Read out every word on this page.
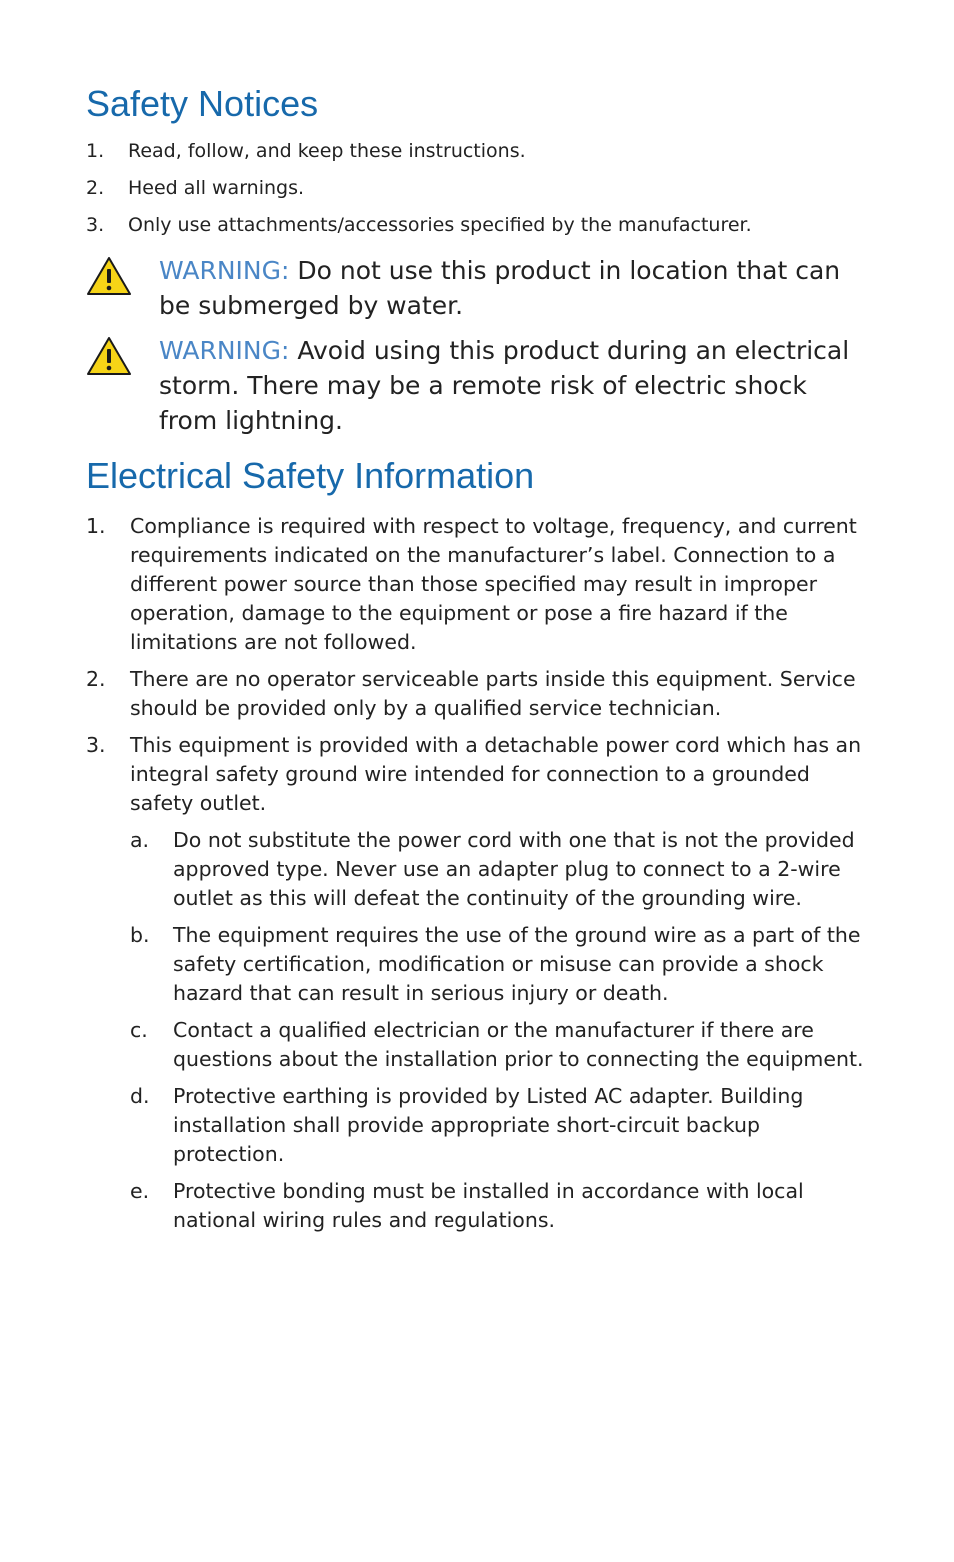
Safety Notices
1. Read, follow, and keep these instructions.
2. Heed all warnings.
3. Only use attachments/accessories specified by the manufacturer.
WARNING: Do not use this product in location that can be submerged by water.
WARNING: Avoid using this product during an electrical storm. There may be a remote risk of electric shock from lightning.
Electrical Safety Information
1. Compliance is required with respect to voltage, frequency, and current requirements indicated on the manufacturer’s label. Connection to a different power source than those specified may result in improper operation, damage to the equipment or pose a fire hazard if the limitations are not followed.
2. There are no operator serviceable parts inside this equipment. Service should be provided only by a qualified service technician.
3. This equipment is provided with a detachable power cord which has an integral safety ground wire intended for connection to a grounded safety outlet.
a. Do not substitute the power cord with one that is not the provided approved type. Never use an adapter plug to connect to a 2-wire outlet as this will defeat the continuity of the grounding wire.
b. The equipment requires the use of the ground wire as a part of the safety certification, modification or misuse can provide a shock hazard that can result in serious injury or death.
c. Contact a qualified electrician or the manufacturer if there are questions about the installation prior to connecting the equipment.
d. Protective earthing is provided by Listed AC adapter. Building installation shall provide appropriate short-circuit backup protection.
e. Protective bonding must be installed in accordance with local national wiring rules and regulations.
